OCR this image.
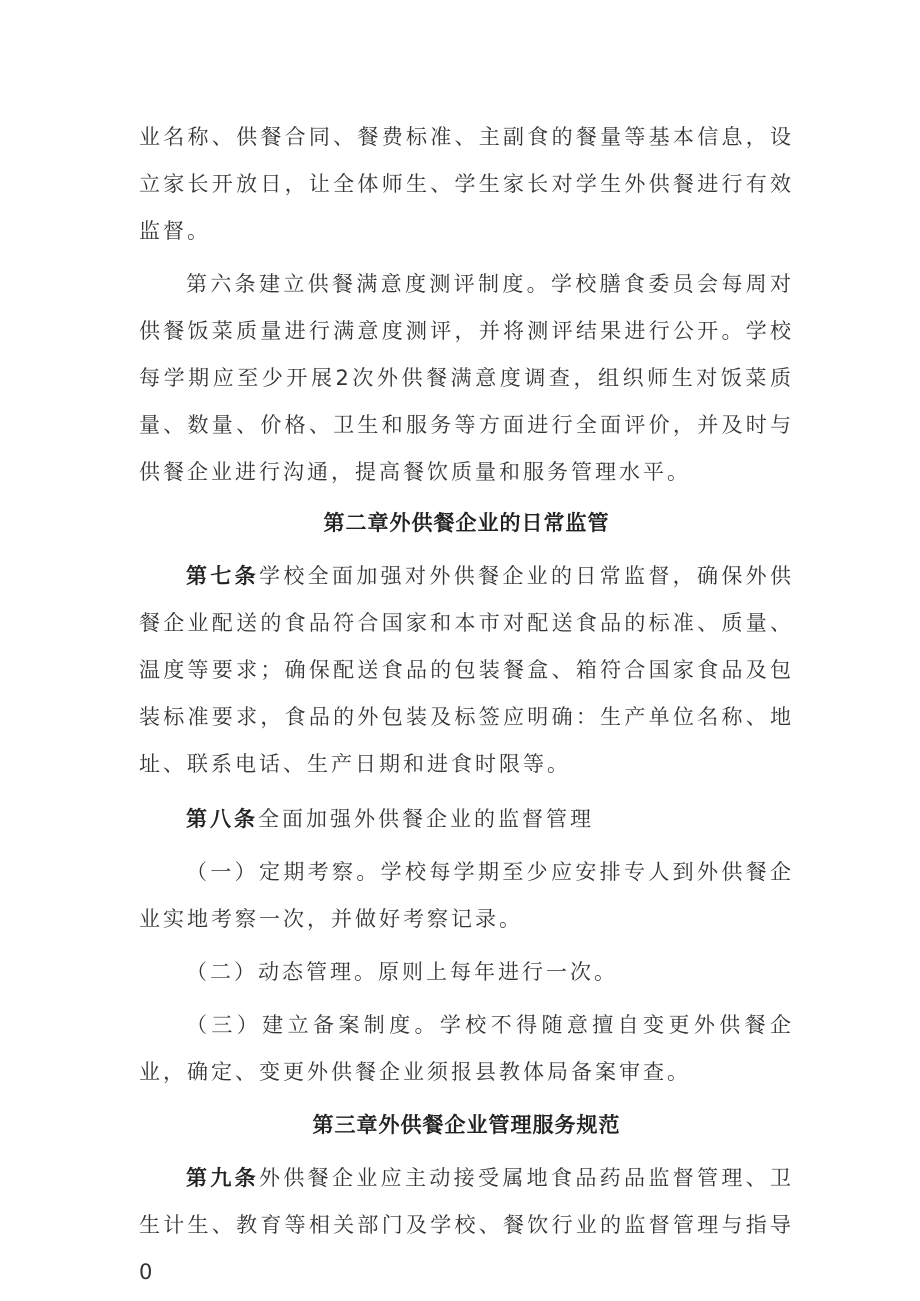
业名称、供餐合同、餐费标准、主副食的餐量等基本信息，设立家长开放日，让全体师生、学生家长对学生外供餐进行有效监督。

第六条建立供餐满意度测评制度。学校膳食委员会每周对供餐饭菜质量进行满意度测评，并将测评结果进行公开。学校每学期应至少开展2次外供餐满意度调查，组织师生对饭菜质量、数量、价格、卫生和服务等方面进行全面评价，并及时与供餐企业进行沟通，提高餐饮质量和服务管理水平。

第二章外供餐企业的日常监管

第七条学校全面加强对外供餐企业的日常监督，确保外供餐企业配送的食品符合国家和本市对配送食品的标准、质量、温度等要求；确保配送食品的包装餐盒、箱符合国家食品及包装标准要求，食品的外包装及标签应明确：生产单位名称、地址、联系电话、生产日期和进食时限等。

第八条全面加强外供餐企业的监督管理

（一）定期考察。学校每学期至少应安排专人到外供餐企业实地考察一次，并做好考察记录。

（二）动态管理。原则上每年进行一次。

（三）建立备案制度。学校不得随意擅自变更外供餐企业，确定、变更外供餐企业须报县教体局备案审查。

第三章外供餐企业管理服务规范

第九条外供餐企业应主动接受属地食品药品监督管理、卫生计生、教育等相关部门及学校、餐饮行业的监督管理与指导0
